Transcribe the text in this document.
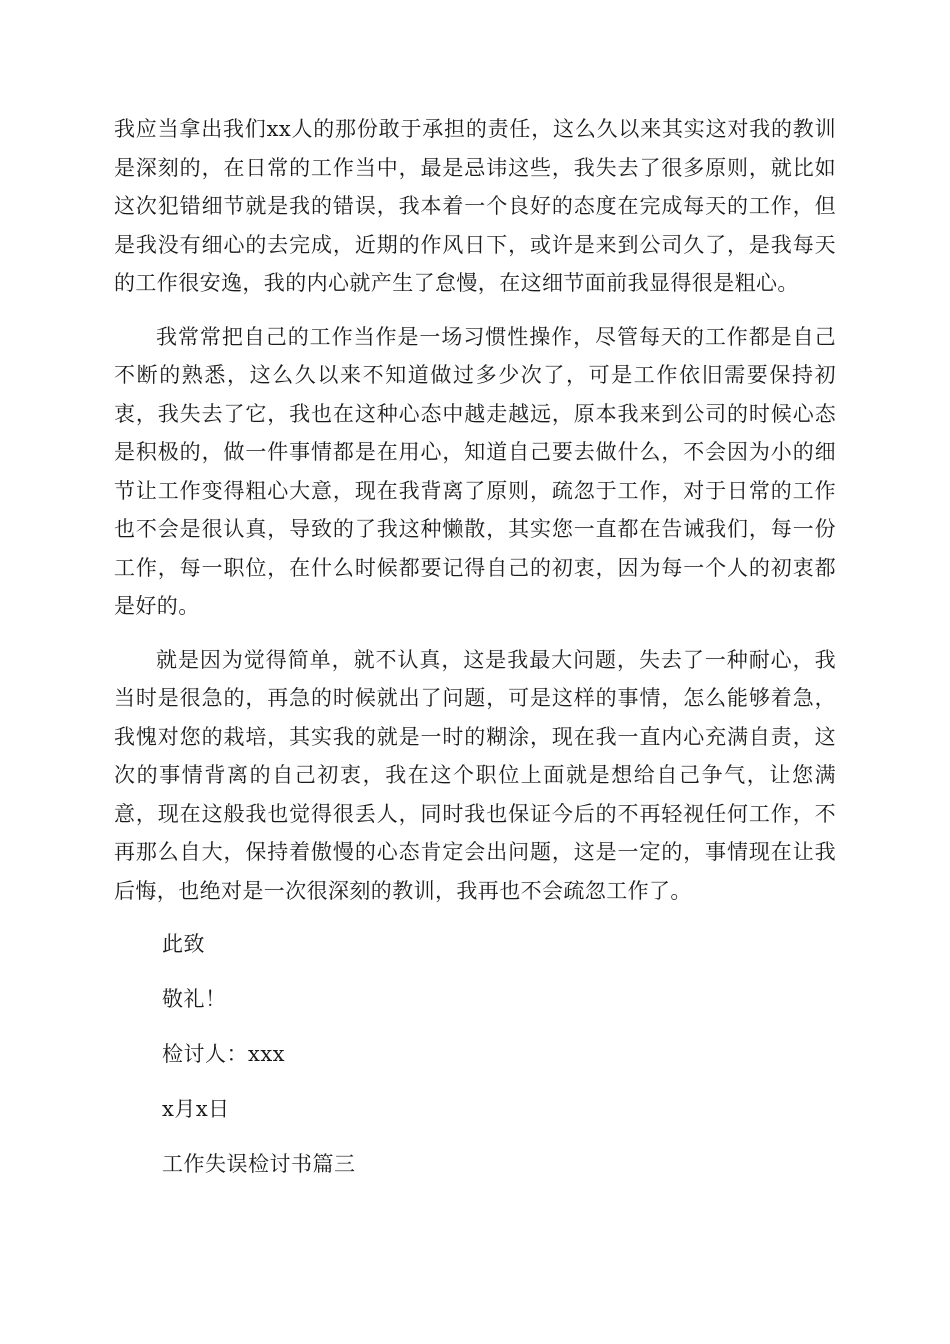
我应当拿出我们xx人的那份敢于承担的责任，这么久以来其实这对我的教训是深刻的，在日常的工作当中，最是忌讳这些，我失去了很多原则，就比如这次犯错细节就是我的错误，我本着一个良好的态度在完成每天的工作，但是我没有细心的去完成，近期的作风日下，或许是来到公司久了，是我每天的工作很安逸，我的内心就产生了怠慢，在这细节面前我显得很是粗心。

我常常把自己的工作当作是一场习惯性操作，尽管每天的工作都是自己不断的熟悉，这么久以来不知道做过多少次了，可是工作依旧需要保持初衷，我失去了它，我也在这种心态中越走越远，原本我来到公司的时候心态是积极的，做一件事情都是在用心，知道自己要去做什么，不会因为小的细节让工作变得粗心大意，现在我背离了原则，疏忽于工作，对于日常的工作也不会是很认真，导致的了我这种懒散，其实您一直都在告诫我们，每一份工作，每一职位，在什么时候都要记得自己的初衷，因为每一个人的初衷都是好的。

就是因为觉得简单，就不认真，这是我最大问题，失去了一种耐心，我当时是很急的，再急的时候就出了问题，可是这样的事情，怎么能够着急，我愧对您的栽培，其实我的就是一时的糊涂，现在我一直内心充满自责，这次的事情背离的自己初衷，我在这个职位上面就是想给自己争气，让您满意，现在这般我也觉得很丢人，同时我也保证今后的不再轻视任何工作，不再那么自大，保持着傲慢的心态肯定会出问题，这是一定的，事情现在让我后悔，也绝对是一次很深刻的教训，我再也不会疏忽工作了。

此致

敬礼！

检讨人：xxx

x月x日

工作失误检讨书篇三
